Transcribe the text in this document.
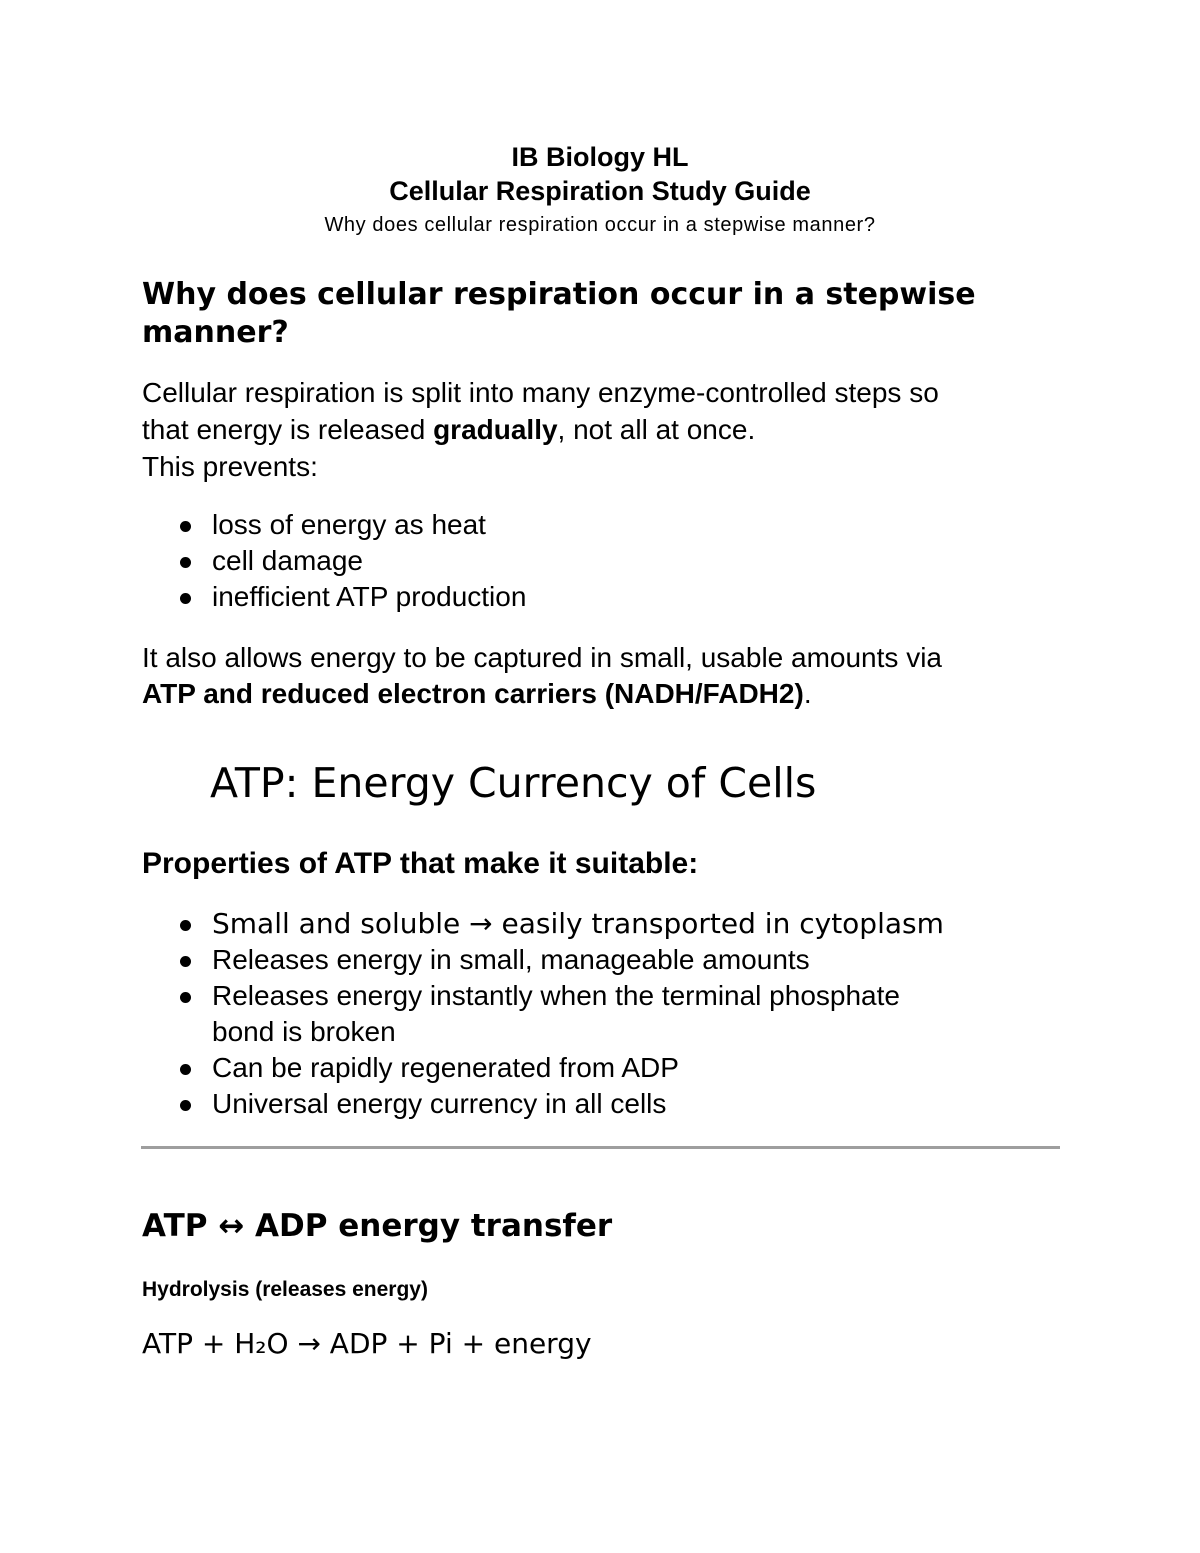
IB Biology HL

Cellular Respiration Study Guide

Why does cellular respiration occur in a stepwise manner?

Why does cellular respiration occur in a stepwise
manner?
Cellular respiration is split into many enzyme-controlled steps so
that energy is released gradually, not all at once.
This prevents:
loss of energy as heat
cell damage
inefficient ATP production
It also allows energy to be captured in small, usable amounts via
ATP and reduced electron carriers (NADH/FADH2).
ATP: Energy Currency of Cells
Properties of ATP that make it suitable:
Small and soluble → easily transported in cytoplasm
Releases energy in small, manageable amounts
Releases energy instantly when the terminal phosphate
bond is broken
Can be rapidly regenerated from ADP
Universal energy currency in all cells
ATP ↔ ADP energy transfer
Hydrolysis (releases energy)

ATP + H₂O → ADP + Pi + energy
